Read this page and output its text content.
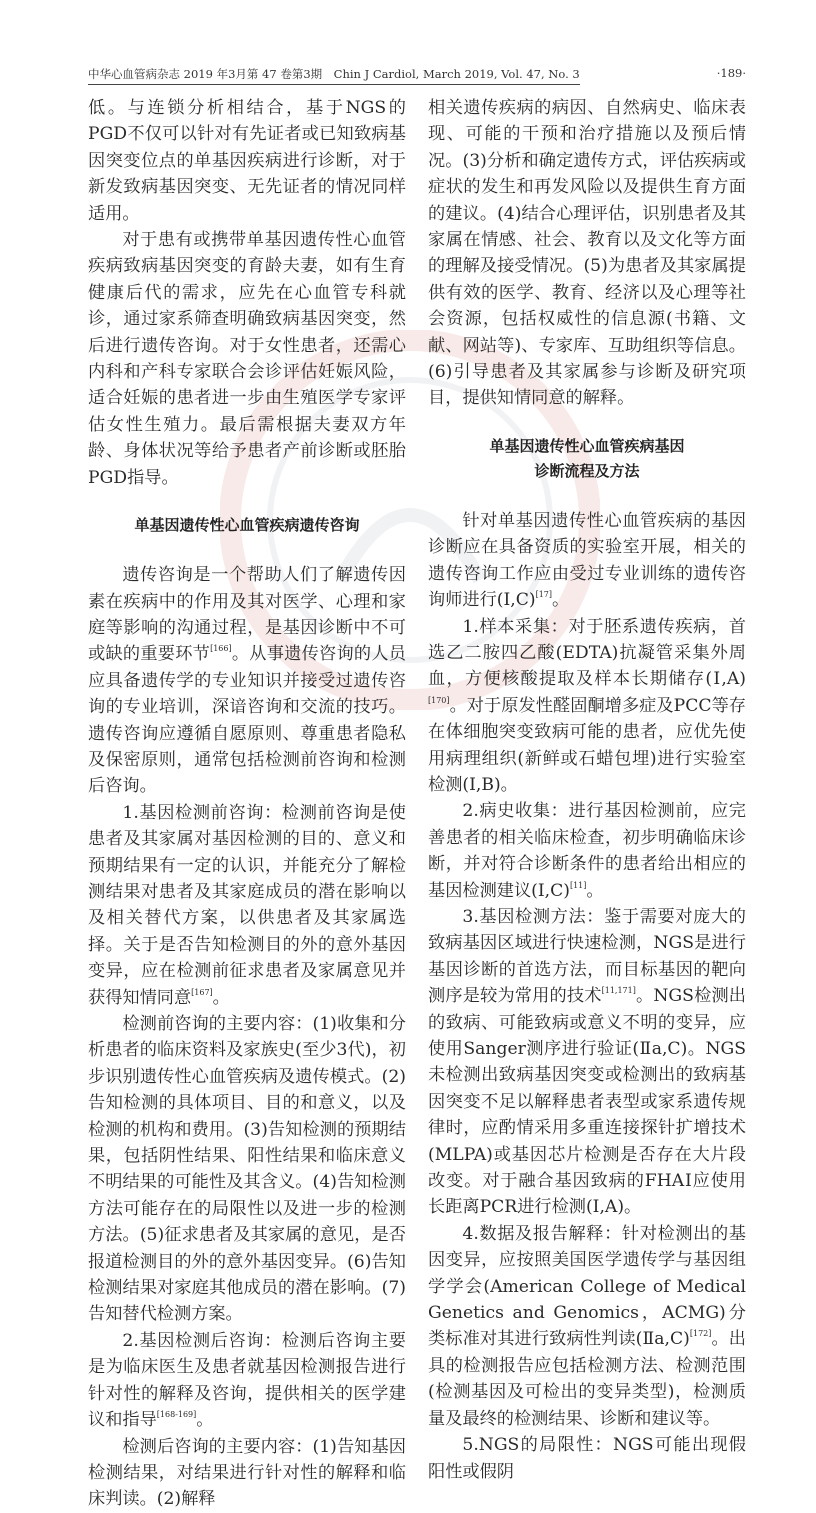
中华心血管病杂志 2019 年3月第 47 卷第3期　Chin J Cardiol, March 2019, Vol. 47, No. 3	·189·

低。与连锁分析相结合，基于NGS的PGD不仅可以针对有先证者或已知致病基因突变位点的单基因疾病进行诊断，对于新发致病基因突变、无先证者的情况同样适用。

对于患有或携带单基因遗传性心血管疾病致病基因突变的育龄夫妻，如有生育健康后代的需求，应先在心血管专科就诊，通过家系筛查明确致病基因突变，然后进行遗传咨询。对于女性患者，还需心内科和产科专家联合会诊评估妊娠风险，适合妊娠的患者进一步由生殖医学专家评估女性生殖力。最后需根据夫妻双方年龄、身体状况等给予患者产前诊断或胚胎PGD指导。

单基因遗传性心血管疾病遗传咨询

遗传咨询是一个帮助人们了解遗传因素在疾病中的作用及其对医学、心理和家庭等影响的沟通过程，是基因诊断中不可或缺的重要环节[166]。从事遗传咨询的人员应具备遗传学的专业知识并接受过遗传咨询的专业培训，深谙咨询和交流的技巧。遗传咨询应遵循自愿原则、尊重患者隐私及保密原则，通常包括检测前咨询和检测后咨询。

1.基因检测前咨询：检测前咨询是使患者及其家属对基因检测的目的、意义和预期结果有一定的认识，并能充分了解检测结果对患者及其家庭成员的潜在影响以及相关替代方案，以供患者及其家属选择。关于是否告知检测目的外的意外基因变异，应在检测前征求患者及家属意见并获得知情同意[167]。

检测前咨询的主要内容：(1)收集和分析患者的临床资料及家族史(至少3代)，初步识别遗传性心血管疾病及遗传模式。(2)告知检测的具体项目、目的和意义，以及检测的机构和费用。(3)告知检测的预期结果，包括阴性结果、阳性结果和临床意义不明结果的可能性及其含义。(4)告知检测方法可能存在的局限性以及进一步的检测方法。(5)征求患者及其家属的意见，是否报道检测目的外的意外基因变异。(6)告知检测结果对家庭其他成员的潜在影响。(7)告知替代检测方案。

2.基因检测后咨询：检测后咨询主要是为临床医生及患者就基因检测报告进行针对性的解释及咨询，提供相关的医学建议和指导[168-169]。

检测后咨询的主要内容：(1)告知基因检测结果，对结果进行针对性的解释和临床判读。(2)解释

相关遗传疾病的病因、自然病史、临床表现、可能的干预和治疗措施以及预后情况。(3)分析和确定遗传方式，评估疾病或症状的发生和再发风险以及提供生育方面的建议。(4)结合心理评估，识别患者及其家属在情感、社会、教育以及文化等方面的理解及接受情况。(5)为患者及其家属提供有效的医学、教育、经济以及心理等社会资源，包括权威性的信息源(书籍、文献、网站等)、专家库、互助组织等信息。(6)引导患者及其家属参与诊断及研究项目，提供知情同意的解释。

单基因遗传性心血管疾病基因
诊断流程及方法

针对单基因遗传性心血管疾病的基因诊断应在具备资质的实验室开展，相关的遗传咨询工作应由受过专业训练的遗传咨询师进行(Ⅰ,C)[17]。

1.样本采集：对于胚系遗传疾病，首选乙二胺四乙酸(EDTA)抗凝管采集外周血，方便核酸提取及样本长期储存(Ⅰ,A)[170]。对于原发性醛固酮增多症及PCC等存在体细胞突变致病可能的患者，应优先使用病理组织(新鲜或石蜡包埋)进行实验室检测(Ⅰ,B)。

2.病史收集：进行基因检测前，应完善患者的相关临床检查，初步明确临床诊断，并对符合诊断条件的患者给出相应的基因检测建议(Ⅰ,C)[11]。

3.基因检测方法：鉴于需要对庞大的致病基因区域进行快速检测，NGS是进行基因诊断的首选方法，而目标基因的靶向测序是较为常用的技术[11,171]。NGS检测出的致病、可能致病或意义不明的变异，应使用Sanger测序进行验证(Ⅱa,C)。NGS未检测出致病基因突变或检测出的致病基因突变不足以解释患者表型或家系遗传规律时，应酌情采用多重连接探针扩增技术(MLPA)或基因芯片检测是否存在大片段改变。对于融合基因致病的FHAⅠ应使用长距离PCR进行检测(Ⅰ,A)。

4.数据及报告解释：针对检测出的基因变异，应按照美国医学遗传学与基因组学学会(American College of Medical Genetics and Genomics，ACMG)分类标准对其进行致病性判读(Ⅱa,C)[172]。出具的检测报告应包括检测方法、检测范围(检测基因及可检出的变异类型)，检测质量及最终的检测结果、诊断和建议等。

5.NGS的局限性：NGS可能出现假阳性或假阴
